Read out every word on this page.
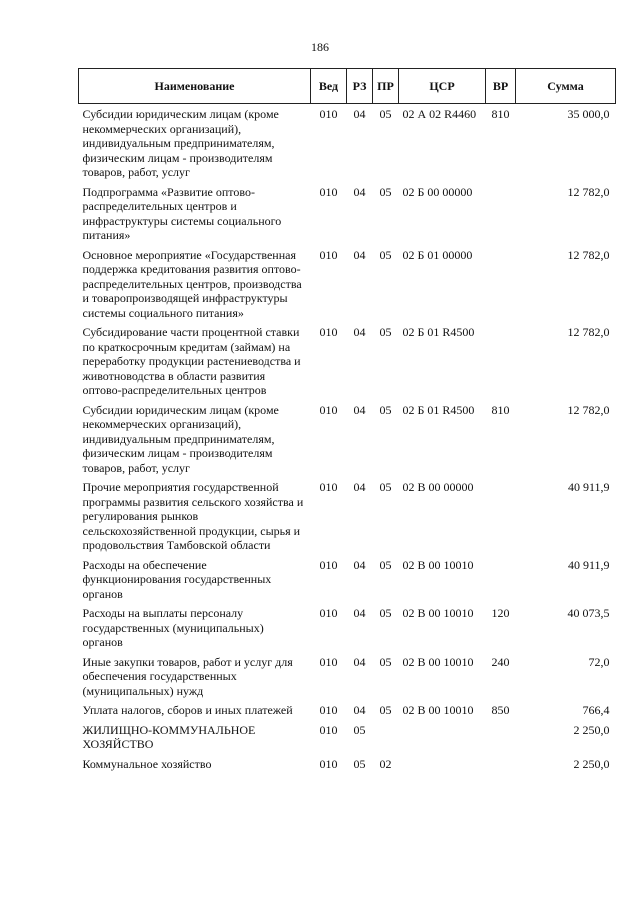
186
Наименование	Вед	РЗ	ПР	ЦСР	ВР	Сумма
Субсидии юридическим лицам (кроме некоммерческих организаций), индивидуальным предпринимателям, физическим лицам - производителям товаров, работ, услуг	010	04	05	02 А 02 R4460	810	35 000,0
Подпрограмма «Развитие оптово-распределительных центров и инфраструктуры системы социального питания»	010	04	05	02 Б 00 00000		12 782,0
Основное мероприятие «Государственная поддержка кредитования развития оптово-распределительных центров, производства и товаропроизводящей инфраструктуры системы социального питания»	010	04	05	02 Б 01 00000		12 782,0
Субсидирование части процентной ставки по краткосрочным кредитам (займам) на переработку продукции растениеводства и животноводства в области развития оптово-распределительных центров	010	04	05	02 Б 01 R4500		12 782,0
Субсидии юридическим лицам (кроме некоммерческих организаций), индивидуальным предпринимателям, физическим лицам - производителям товаров, работ, услуг	010	04	05	02 Б 01 R4500	810	12 782,0
Прочие мероприятия государственной программы развития сельского хозяйства и регулирования рынков сельскохозяйственной продукции, сырья и продовольствия Тамбовской области	010	04	05	02 В 00 00000		40 911,9
Расходы на обеспечение функционирования государственных органов	010	04	05	02 В 00 10010		40 911,9
Расходы на выплаты персоналу государственных (муниципальных) органов	010	04	05	02 В 00 10010	120	40 073,5
Иные закупки товаров, работ и услуг для обеспечения государственных (муниципальных) нужд	010	04	05	02 В 00 10010	240	72,0
Уплата налогов, сборов и иных платежей	010	04	05	02 В 00 10010	850	766,4
ЖИЛИЩНО-КОММУНАЛЬНОЕ ХОЗЯЙСТВО	010	05				2 250,0
Коммунальное хозяйство	010	05	02			2 250,0
